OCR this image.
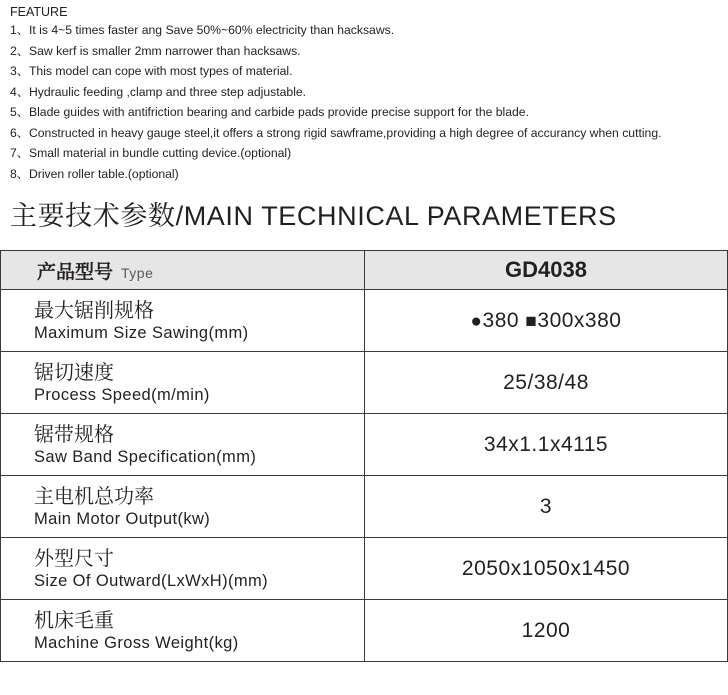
FEATURE

1、It is 4~5 times faster ang Save 50%~60% electricity than hacksaws.
2、Saw kerf is smaller 2mm narrower than hacksaws.
3、This model can cope with most types of material.
4、Hydraulic feeding ,clamp and three step adjustable.
5、Blade guides with antifriction bearing and carbide pads provide precise support for the blade.
6、Constructed in heavy gauge steel,it offers a strong rigid sawframe,providing a high degree of accurancy when cutting.
7、Small material in bundle cutting device.(optional)
8、Driven roller table.(optional)
主要技术参数/MAIN TECHNICAL PARAMETERS
产品型号 Type	GD4038

最大锯削规格
Maximum Size Sawing(mm)	●380 ■300x380

锯切速度
Process Speed(m/min)	25/38/48

锯带规格
Saw Band Specification(mm)	34x1.1x4115

主电机总功率
Main Motor Output(kw)	3

外型尺寸
Size Of Outward(LxWxH)(mm)	2050x1050x1450

机床毛重
Machine Gross Weight(kg)	1200
